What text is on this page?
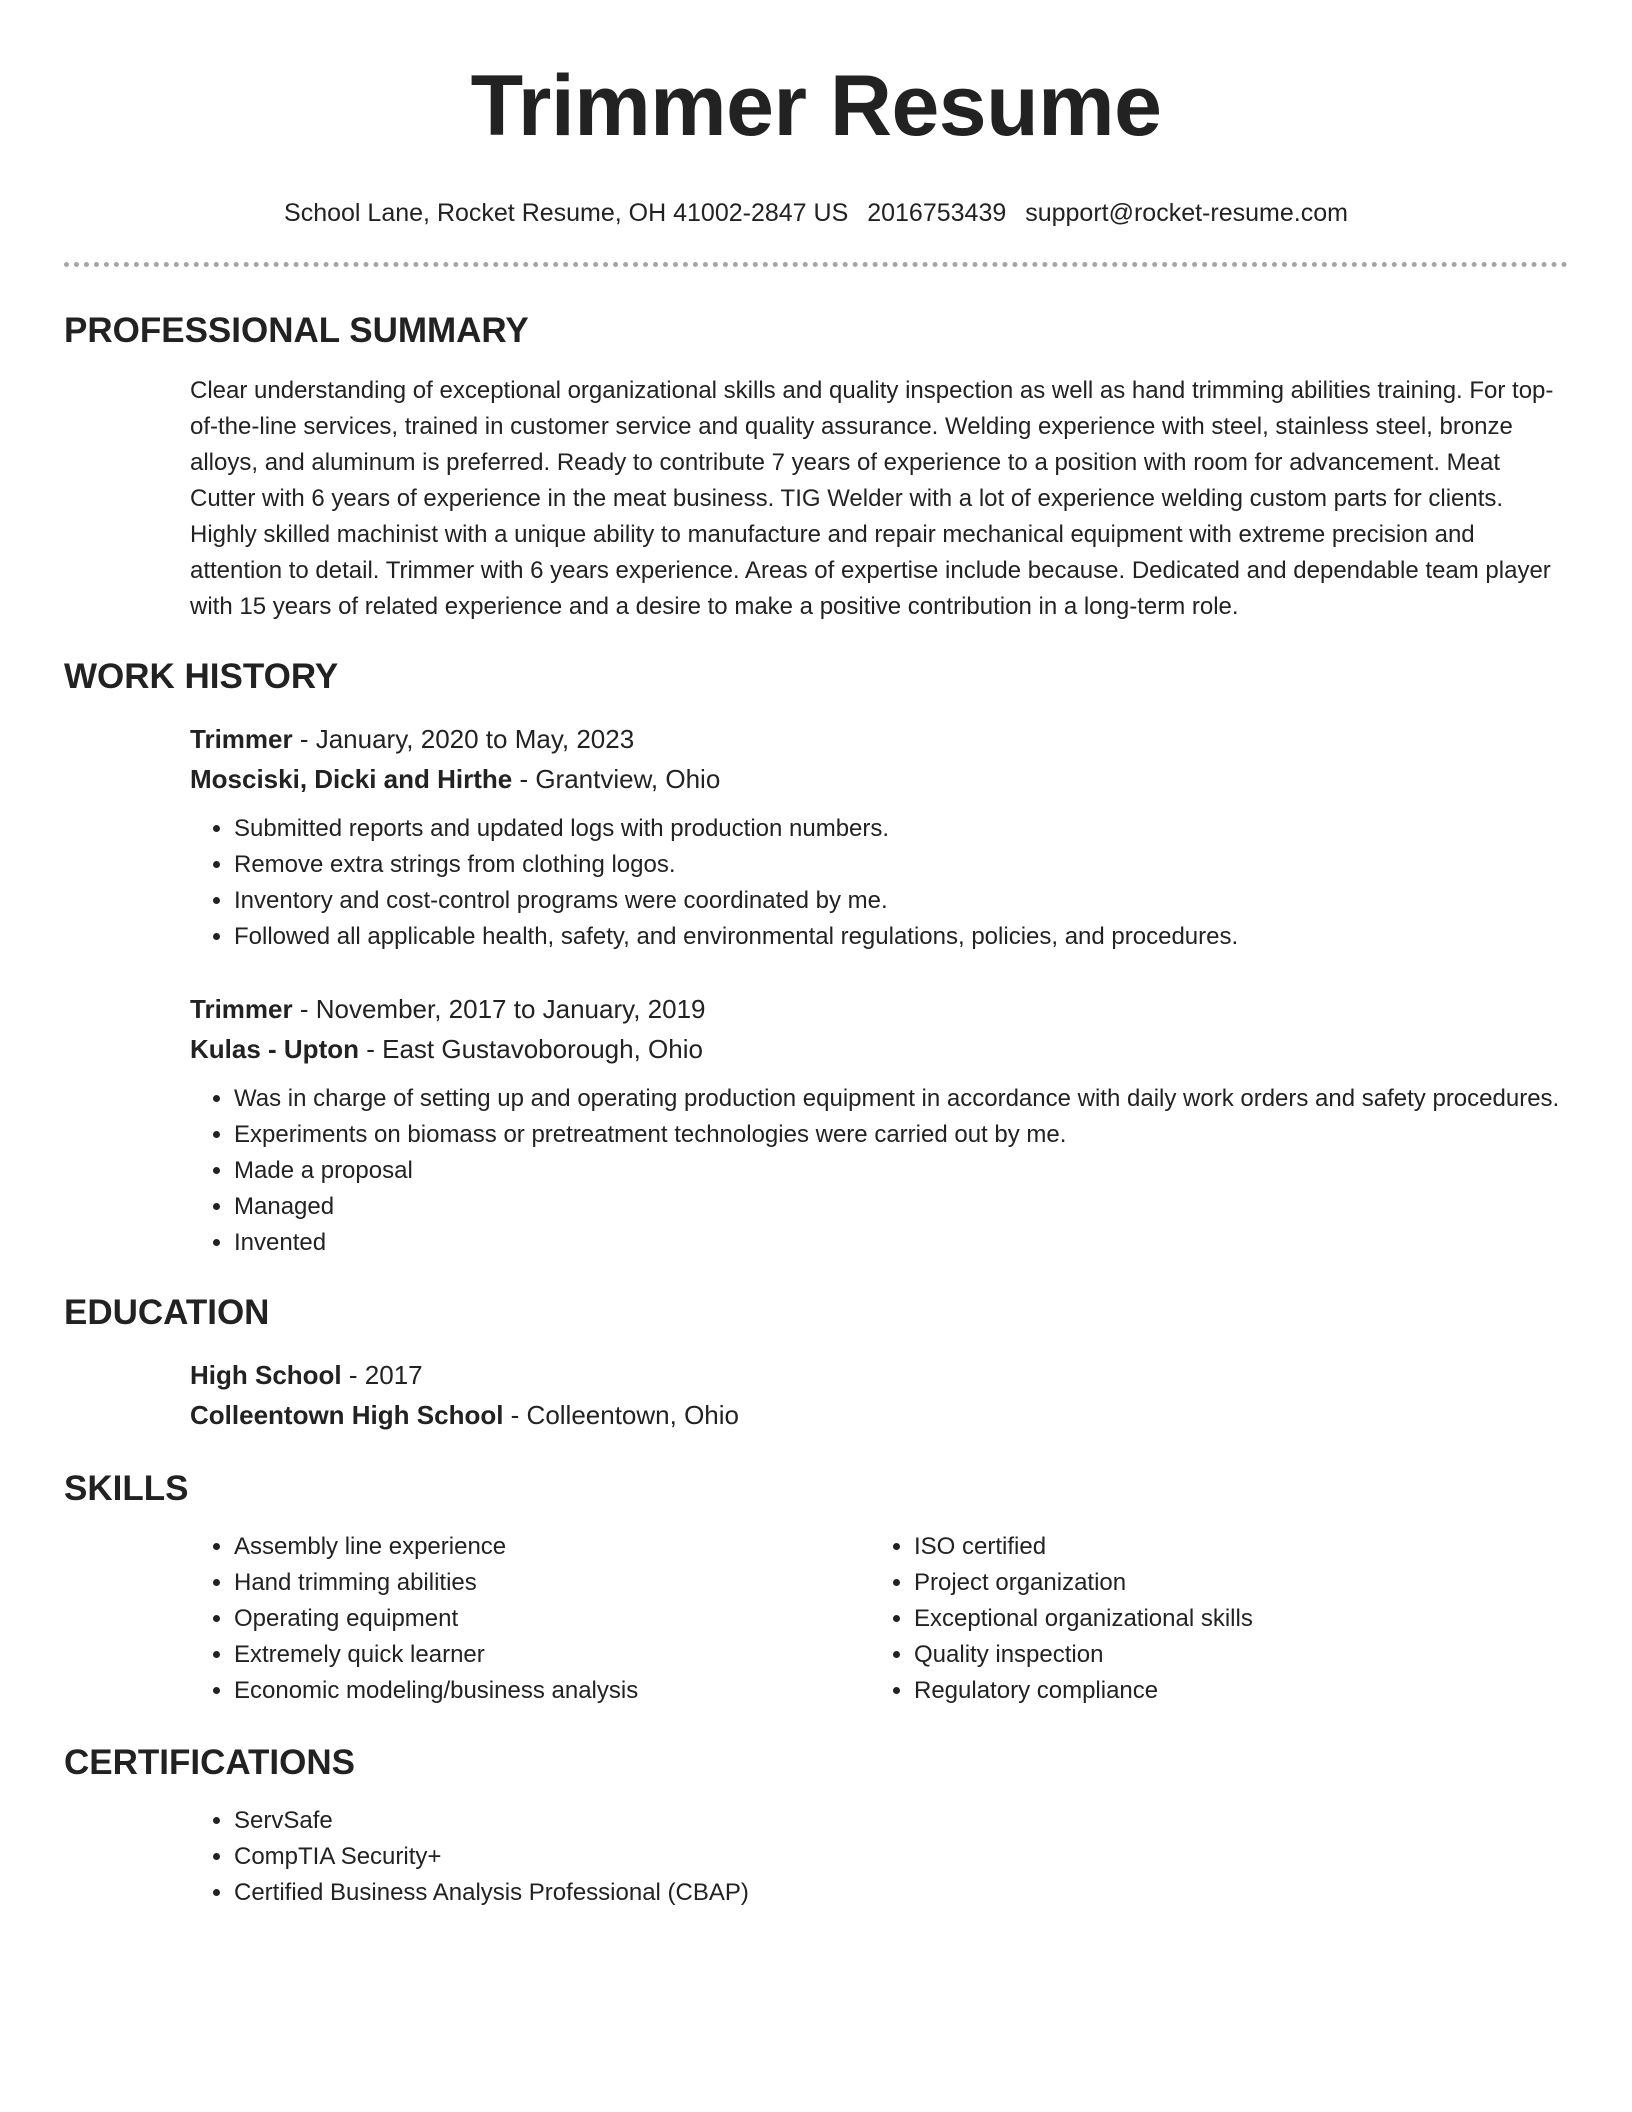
Trimmer Resume
School Lane, Rocket Resume, OH 41002-2847 US 2016753439 support@rocket-resume.com
PROFESSIONAL SUMMARY

Clear understanding of exceptional organizational skills and quality inspection as well as hand trimming abilities training. For top-of-the-line services, trained in customer service and quality assurance. Welding experience with steel, stainless steel, bronze alloys, and aluminum is preferred. Ready to contribute 7 years of experience to a position with room for advancement. Meat Cutter with 6 years of experience in the meat business. TIG Welder with a lot of experience welding custom parts for clients. Highly skilled machinist with a unique ability to manufacture and repair mechanical equipment with extreme precision and attention to detail. Trimmer with 6 years experience. Areas of expertise include because. Dedicated and dependable team player with 15 years of related experience and a desire to make a positive contribution in a long-term role.

WORK HISTORY
Trimmer - January, 2020 to May, 2023
Mosciski, Dicki and Hirthe - Grantview, Ohio
• Submitted reports and updated logs with production numbers.
• Remove extra strings from clothing logos.
• Inventory and cost-control programs were coordinated by me.
• Followed all applicable health, safety, and environmental regulations, policies, and procedures.
Trimmer - November, 2017 to January, 2019
Kulas - Upton - East Gustavoborough, Ohio
• Was in charge of setting up and operating production equipment in accordance with daily work orders and safety procedures.
• Experiments on biomass or pretreatment technologies were carried out by me.
• Made a proposal
• Managed
• Invented
EDUCATION
High School - 2017
Colleentown High School - Colleentown, Ohio
SKILLS
• Assembly line experience
• Hand trimming abilities
• Operating equipment
• Extremely quick learner
• Economic modeling/business analysis
• ISO certified
• Project organization
• Exceptional organizational skills
• Quality inspection
• Regulatory compliance
CERTIFICATIONS
• ServSafe
• CompTIA Security+
• Certified Business Analysis Professional (CBAP)
